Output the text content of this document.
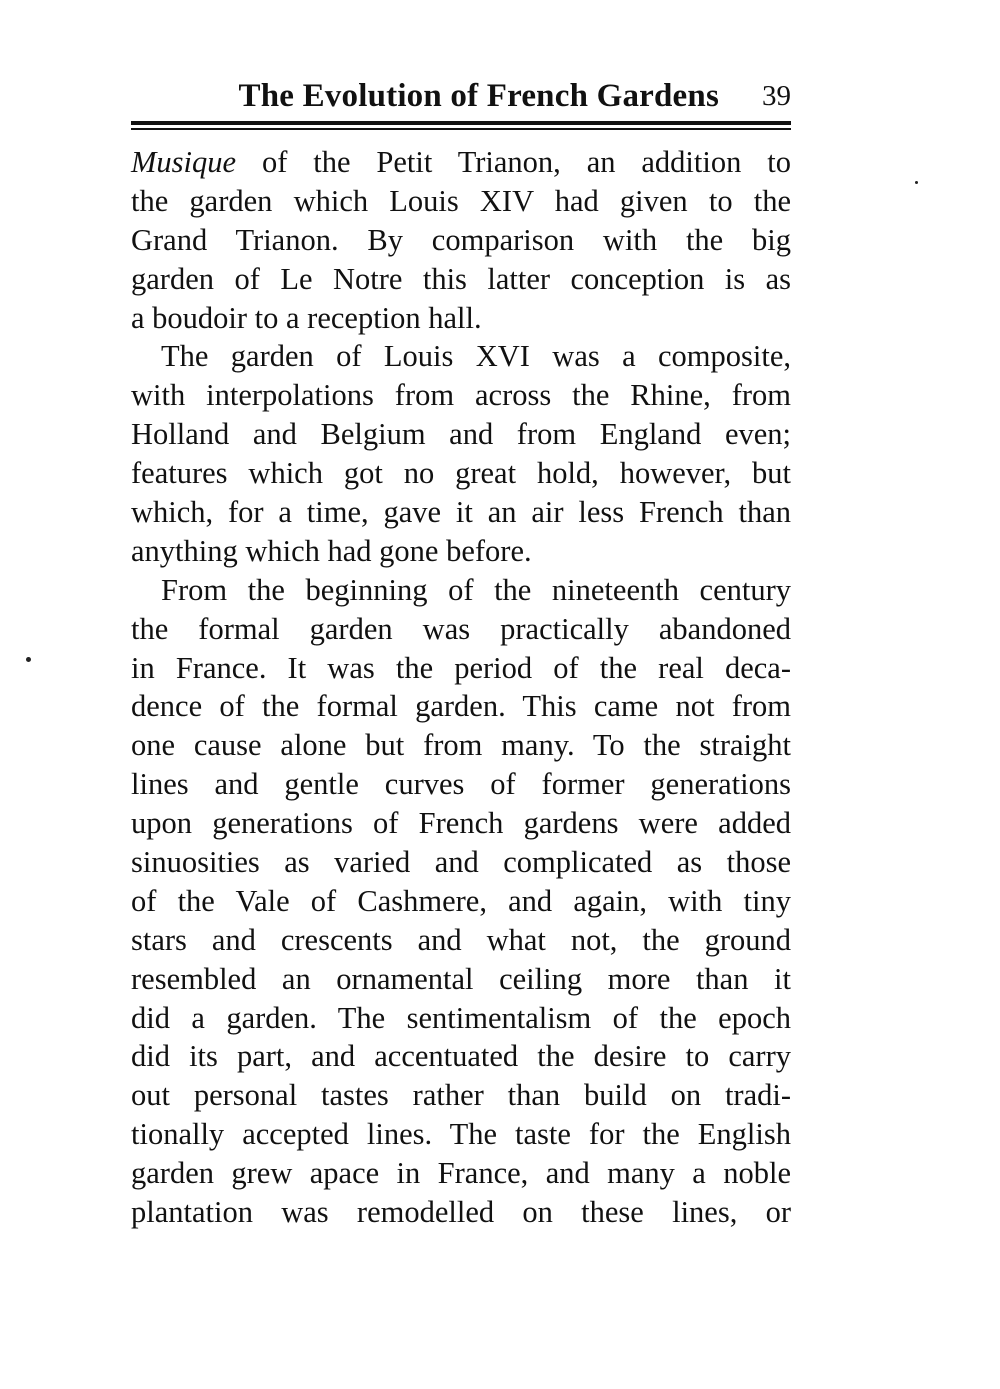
The Evolution of French Gardens 39
Musique of the Petit Trianon, an addition to
the garden which Louis XIV had given to the
Grand Trianon. By comparison with the big
garden of Le Notre this latter conception is as
a boudoir to a reception hall.
The garden of Louis XVI was a composite,
with interpolations from across the Rhine, from
Holland and Belgium and from England even;
features which got no great hold, however, but
which, for a time, gave it an air less French than
anything which had gone before.
From the beginning of the nineteenth century
the formal garden was practically abandoned
in France. It was the period of the real deca-
dence of the formal garden. This came not from
one cause alone but from many. To the straight
lines and gentle curves of former generations
upon generations of French gardens were added
sinuosities as varied and complicated as those
of the Vale of Cashmere, and again, with tiny
stars and crescents and what not, the ground
resembled an ornamental ceiling more than it
did a garden. The sentimentalism of the epoch
did its part, and accentuated the desire to carry
out personal tastes rather than build on tradi-
tionally accepted lines. The taste for the English
garden grew apace in France, and many a noble
plantation was remodelled on these lines, or
